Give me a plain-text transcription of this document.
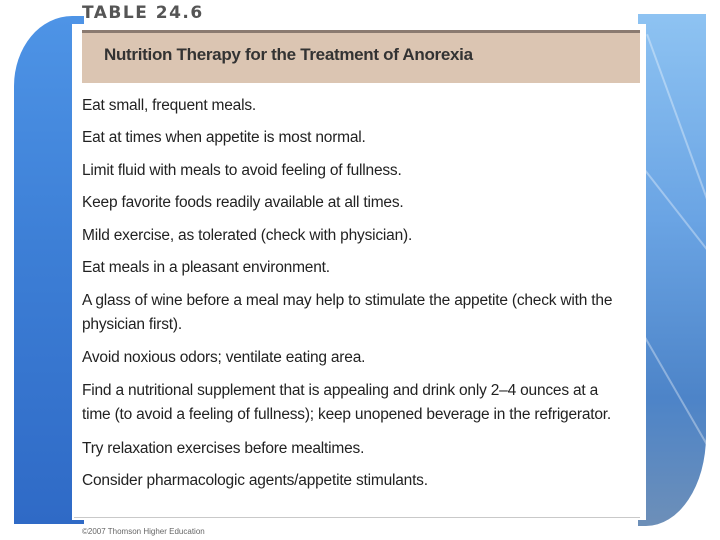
TABLE 24.6
Nutrition Therapy for the Treatment of Anorexia
Eat small, frequent meals.
Eat at times when appetite is most normal.
Limit fluid with meals to avoid feeling of fullness.
Keep favorite foods readily available at all times.
Mild exercise, as tolerated (check with physician).
Eat meals in a pleasant environment.
A glass of wine before a meal may help to stimulate the appetite (check with the physician first).
Avoid noxious odors; ventilate eating area.
Find a nutritional supplement that is appealing and drink only 2–4 ounces at a time (to avoid a feeling of fullness); keep unopened beverage in the refrigerator.
Try relaxation exercises before mealtimes.
Consider pharmacologic agents/appetite stimulants.
©2007 Thomson Higher Education
